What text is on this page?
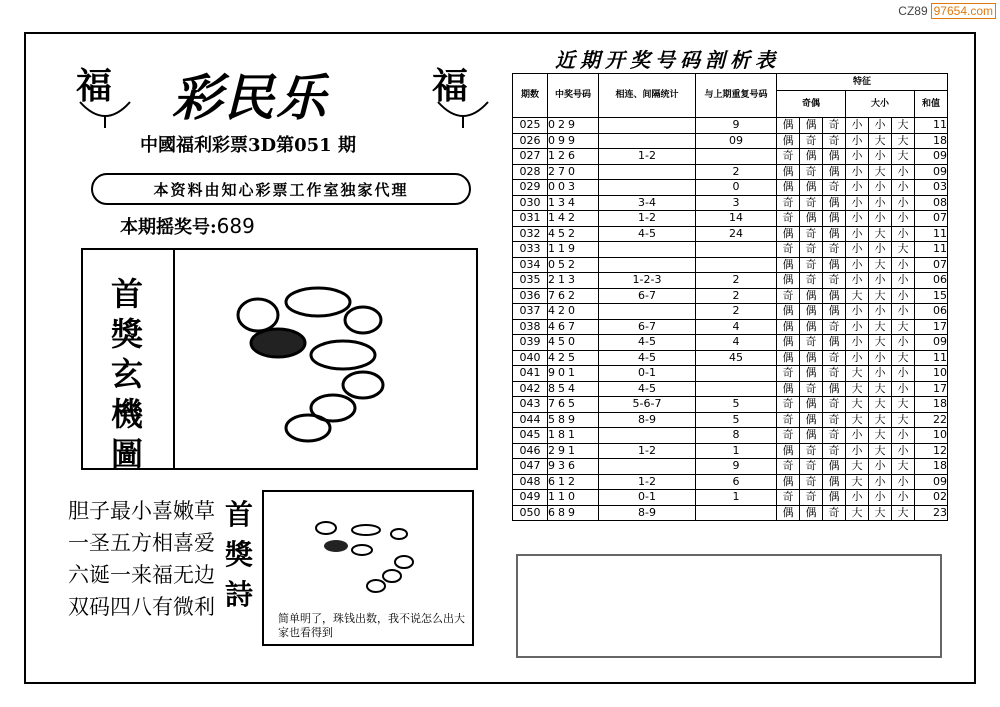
CZ89 97654.com
福	福
彩民乐
中國福利彩票3D第051 期
本资料由知心彩票工作室独家代理
本期摇奖号:689
首
獎
玄
機
圖
胆子最小喜嫩草
一圣五方相喜爱
六诞一来福无边
双码四八有微利
首
獎
詩
简单明了，珠钱出数，我不说怎么出大家也看得到
近期开奖号码剖析表
期数	中奖号码	相连、间隔统计	与上期重复号码	特征						
				奇偶			大小			和值
025	029		9	偶	偶	奇	小	小	大	11
026	099		09	偶	奇	奇	小	大	大	18
027	126	1-2		奇	偶	偶	小	小	大	09
028	270		2	偶	奇	偶	小	大	小	09
029	003		0	偶	偶	奇	小	小	小	03
030	134	3-4	3	奇	奇	偶	小	小	小	08
031	142	1-2	14	奇	偶	偶	小	小	小	07
032	452	4-5	24	偶	奇	偶	小	大	小	11
033	119			奇	奇	奇	小	小	大	11
034	052			偶	奇	偶	小	大	小	07
035	213	1-2-3	2	偶	奇	奇	小	小	小	06
036	762	6-7	2	奇	偶	偶	大	大	小	15
037	420		2	偶	偶	偶	小	小	小	06
038	467	6-7	4	偶	偶	奇	小	大	大	17
039	450	4-5	4	偶	奇	偶	小	大	小	09
040	425	4-5	45	偶	偶	奇	小	小	大	11
041	901	0-1		奇	偶	奇	大	小	小	10
042	854	4-5		偶	奇	偶	大	大	小	17
043	765	5-6-7	5	奇	偶	奇	大	大	大	18
044	589	8-9	5	奇	偶	奇	大	大	大	22
045	181		8	奇	偶	奇	小	大	小	10
046	291	1-2	1	偶	奇	奇	小	大	小	12
047	936		9	奇	奇	偶	大	小	大	18
048	612	1-2	6	偶	奇	偶	大	小	小	09
049	110	0-1	1	奇	奇	偶	小	小	小	02
050	689	8-9		偶	偶	奇	大	大	大	23
